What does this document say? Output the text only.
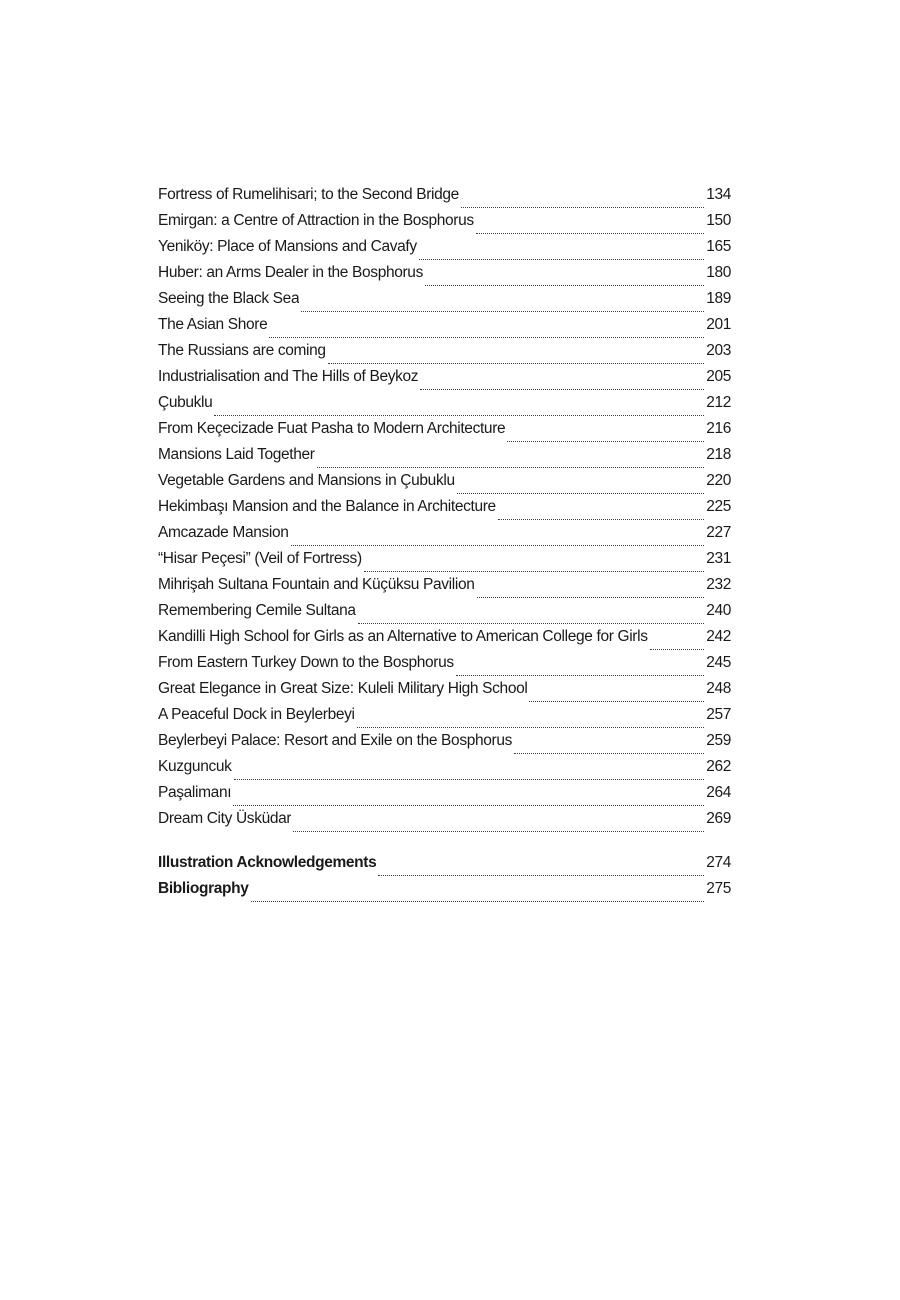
Fortress of Rumelihisari; to the Second Bridge	134
Emirgan: a Centre of Attraction in the Bosphorus	150
Yeniköy: Place of Mansions and Cavafy	165
Huber: an Arms Dealer in the Bosphorus	180
Seeing the Black Sea	189
The Asian Shore	201
The Russians are coming	203
Industrialisation and The Hills of Beykoz	205
Çubuklu	212
From Keçecizade Fuat Pasha to Modern Architecture	216
Mansions Laid Together	218
Vegetable Gardens and Mansions in Çubuklu	220
Hekimbaşı Mansion and the Balance in Architecture	225
Amcazade Mansion	227
“Hisar Peçesi” (Veil of Fortress)	231
Mihrişah Sultana Fountain and Küçüksu Pavilion	232
Remembering Cemile Sultana	240
Kandilli High School for Girls as an Alternative to American College for Girls	242
From Eastern Turkey Down to the Bosphorus	245
Great Elegance in Great Size: Kuleli Military High School	248
A Peaceful Dock in Beylerbeyi	257
Beylerbeyi Palace: Resort and Exile on the Bosphorus	259
Kuzguncuk	262
Paşalimanı	264
Dream City Üsküdar	269
Illustration Acknowledgements	274
Bibliography	275
